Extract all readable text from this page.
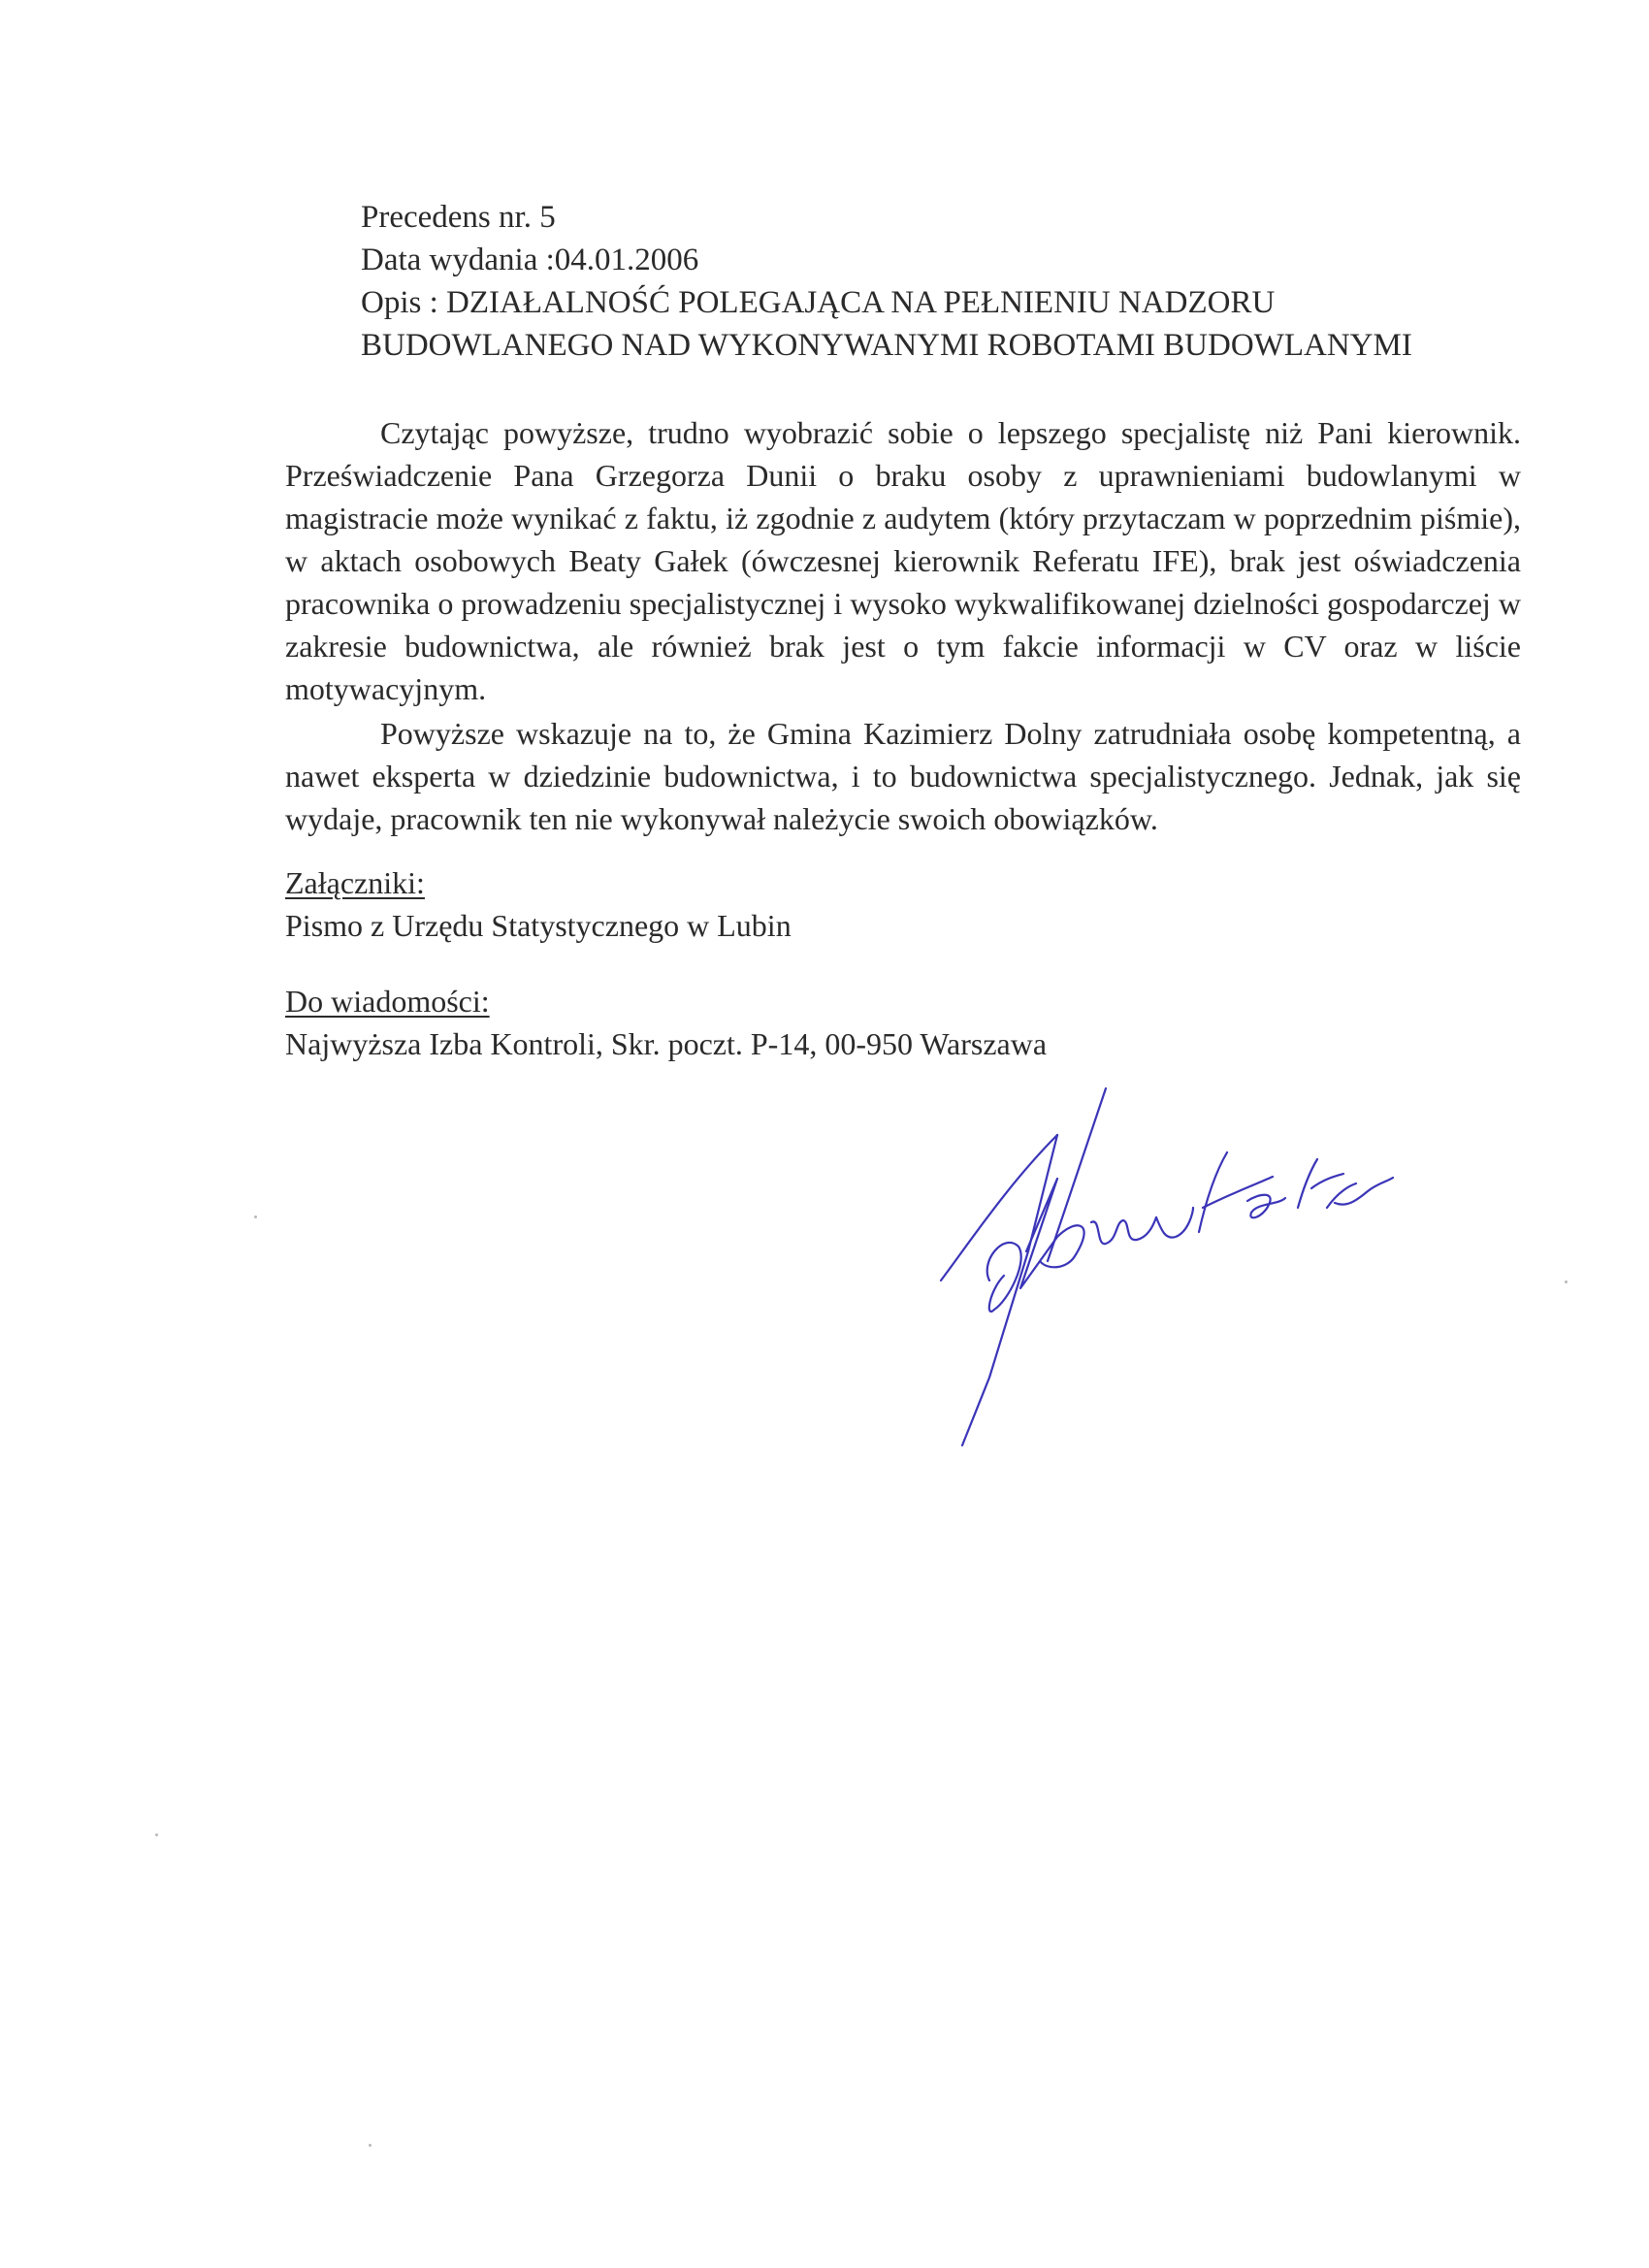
Precedens nr. 5
Data wydania :04.01.2006
Opis : DZIAŁALNOŚĆ POLEGAJĄCA NA PEŁNIENIU NADZORU
BUDOWLANEGO NAD WYKONYWANYMI ROBOTAMI BUDOWLANYMI

Czytając powyższe, trudno wyobrazić sobie o lepszego specjalistę niż Pani kierownik. Przeświadczenie Pana Grzegorza Dunii o braku osoby z uprawnieniami budowlanymi w magistracie może wynikać z faktu, iż zgodnie z audytem (który przytaczam w poprzednim piśmie), w aktach osobowych Beaty Gałek (ówczesnej kierownik Referatu IFE), brak jest oświadczenia pracownika o prowadzeniu specjalistycznej i wysoko wykwalifikowanej dzielności gospodarczej w zakresie budownictwa, ale również brak jest o tym fakcie informacji w CV oraz w liście motywacyjnym.

Powyższe wskazuje na to, że Gmina Kazimierz Dolny zatrudniała osobę kompetentną, a nawet eksperta w dziedzinie budownictwa, i to budownictwa specjalistycznego. Jednak, jak się wydaje, pracownik ten nie wykonywał należycie swoich obowiązków.

Załączniki:
Pismo z Urzędu Statystycznego w Lubin
Do wiadomości:
Najwyższa Izba Kontroli, Skr. poczt. P-14, 00-950 Warszawa
